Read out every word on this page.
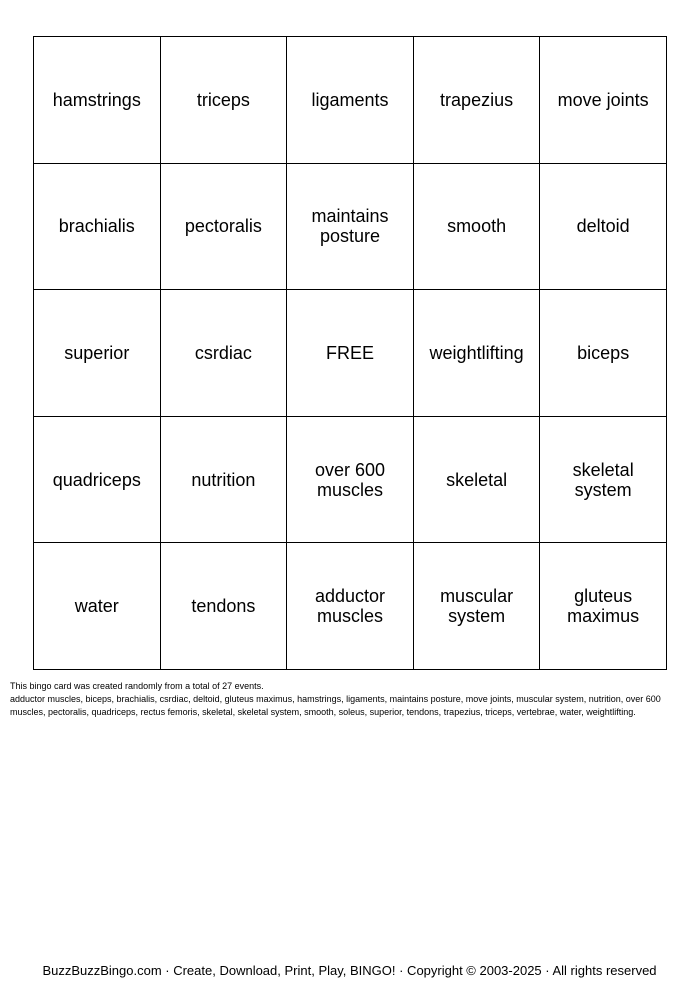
hamstrings	triceps	ligaments	trapezius	move joints
brachialis	pectoralis	maintains posture	smooth	deltoid
superior	csrdiac	FREE	weightlifting	biceps
quadriceps	nutrition	over 600 muscles	skeletal	skeletal system
water	tendons	adductor muscles	muscular system	gluteus maximus

This bingo card was created randomly from a total of 27 events.

adductor muscles, biceps, brachialis, csrdiac, deltoid, gluteus maximus, hamstrings, ligaments, maintains posture, move joints, muscular system, nutrition, over 600 muscles, pectoralis, quadriceps, rectus femoris, skeletal, skeletal system, smooth, soleus, superior, tendons, trapezius, triceps, vertebrae, water, weightlifting.

BuzzBuzzBingo.com · Create, Download, Print, Play, BINGO! · Copyright © 2003-2025 · All rights reserved
